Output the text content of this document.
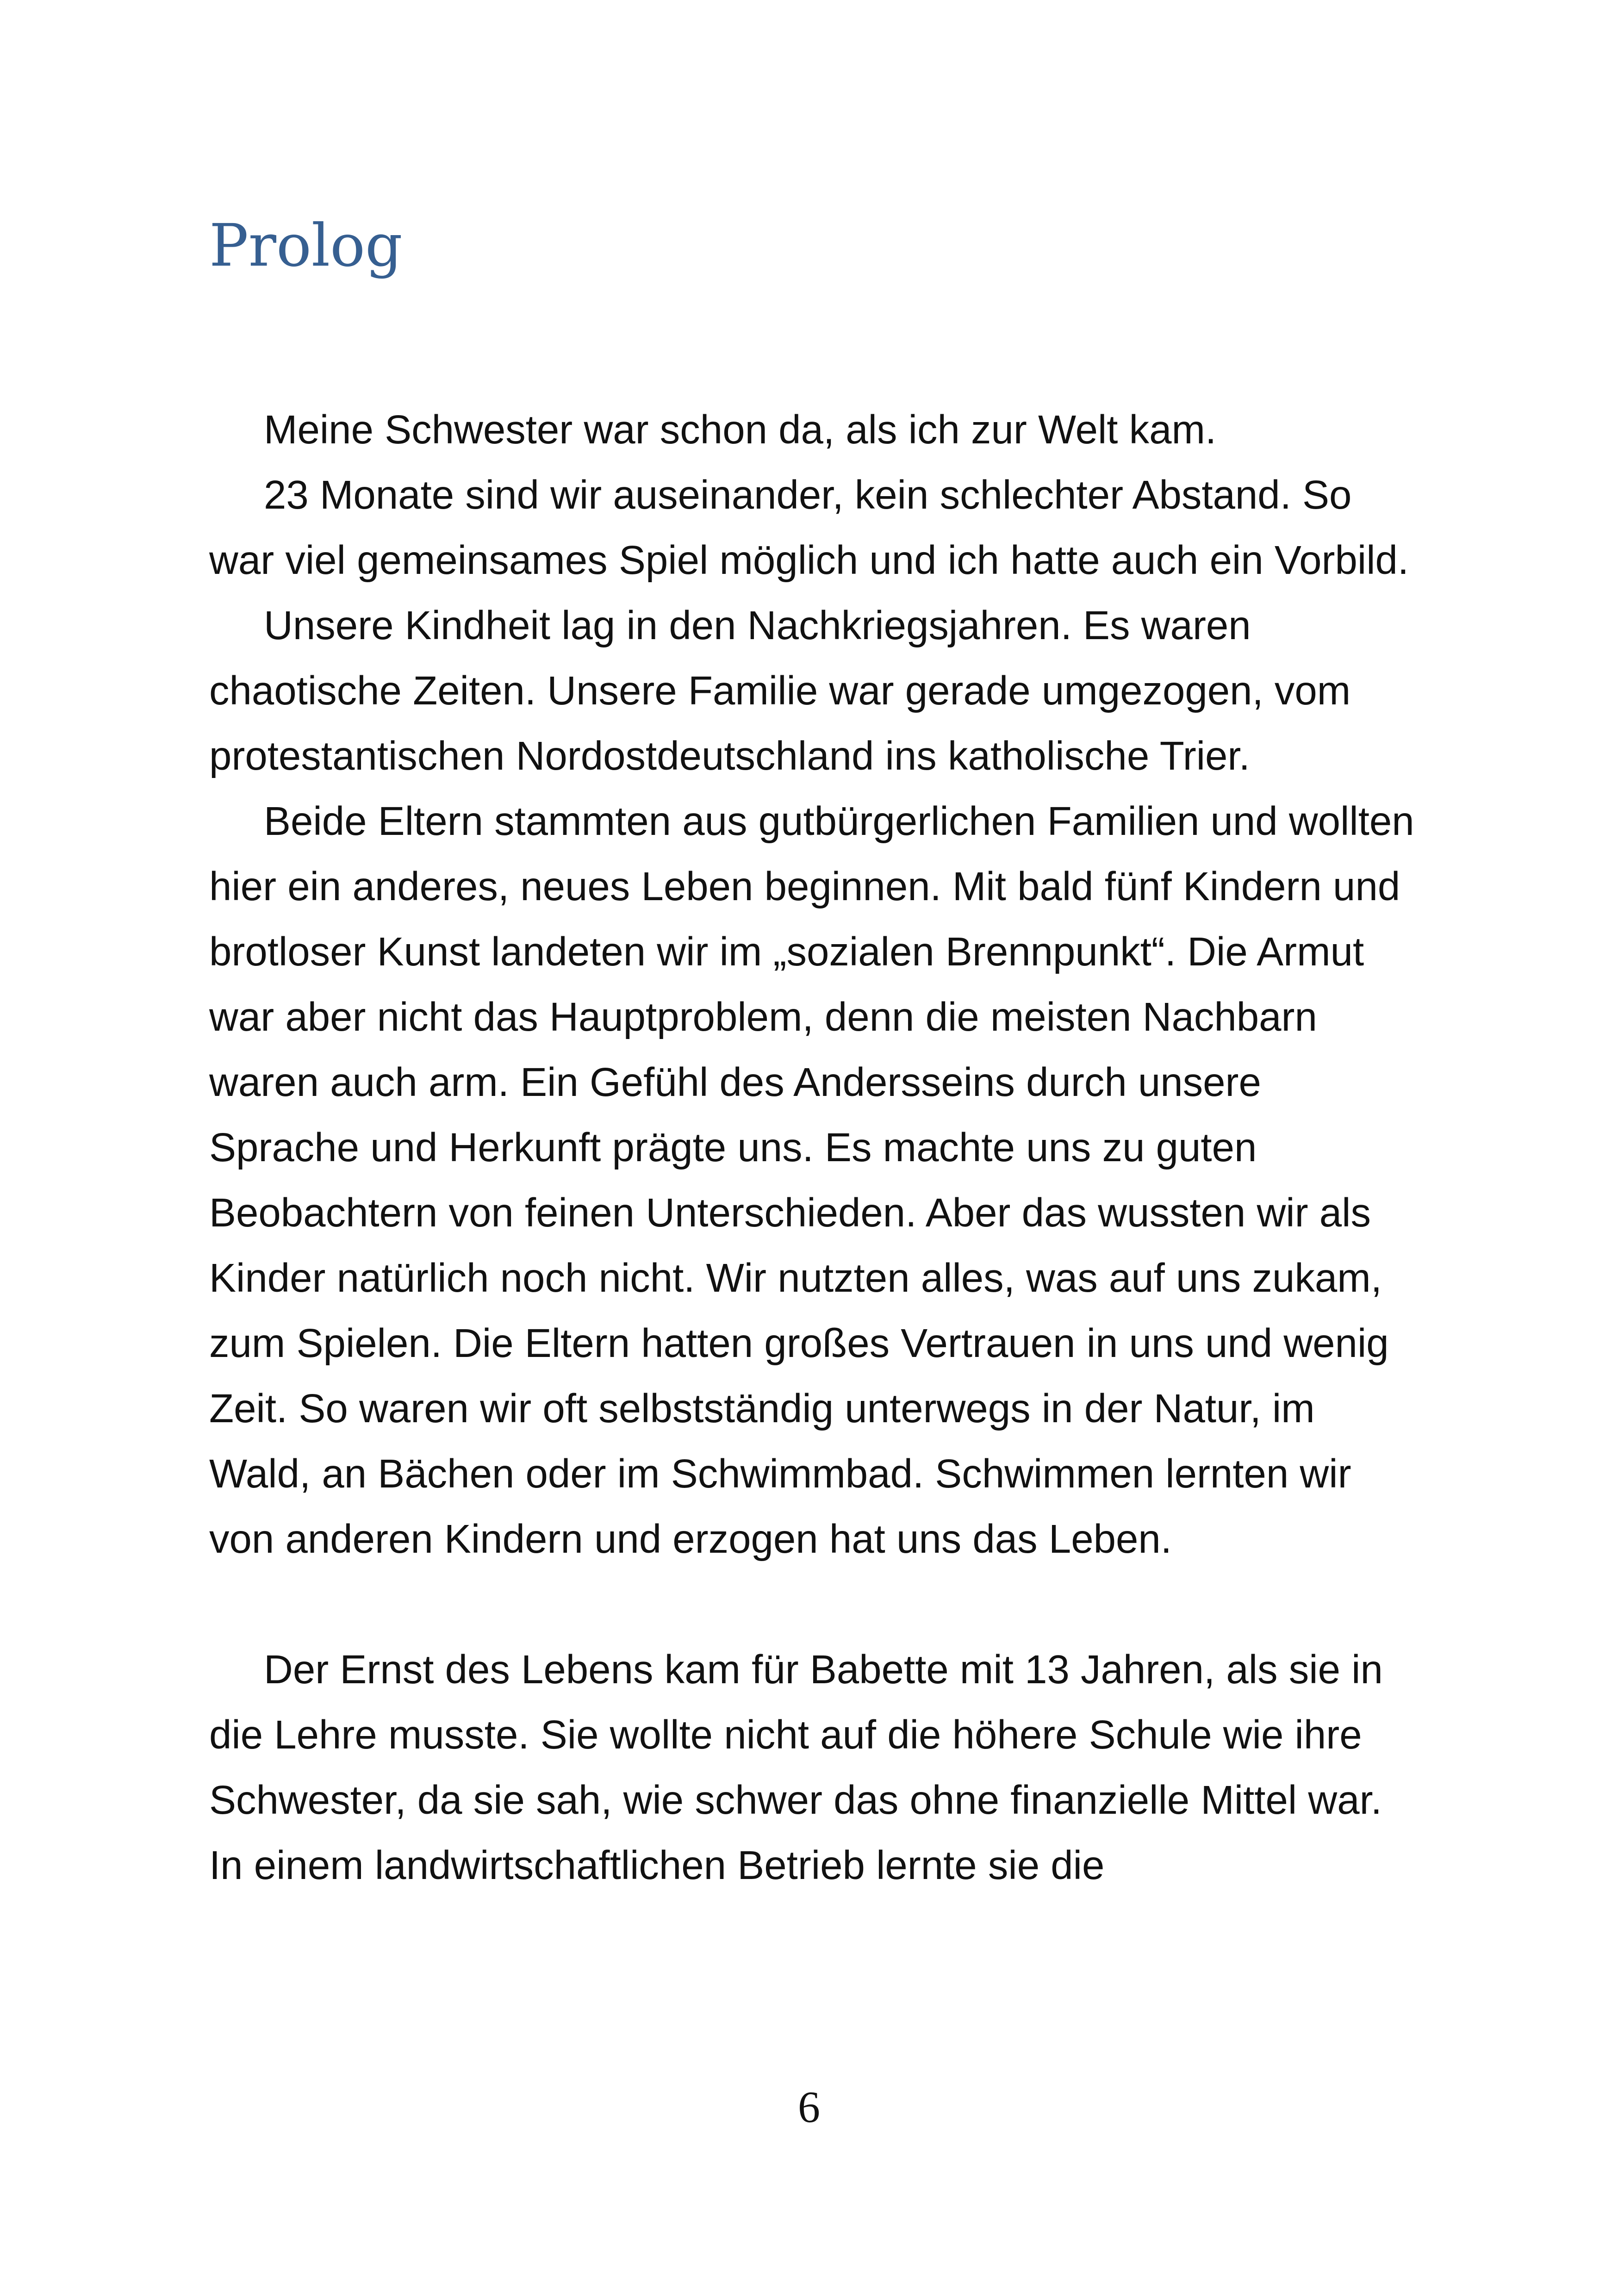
Prolog

Meine Schwester war schon da, als ich zur Welt kam.

23 Monate sind wir auseinander, kein schlechter Abstand. So war viel gemeinsames Spiel möglich und ich hatte auch ein Vorbild.

Unsere Kindheit lag in den Nachkriegsjahren. Es waren chaotische Zeiten. Unsere Familie war gerade umgezogen, vom protestantischen Nordostdeutschland ins katholische Trier.

Beide Eltern stammten aus gutbürgerlichen Familien und wollten hier ein anderes, neues Leben beginnen. Mit bald fünf Kindern und brotloser Kunst landeten wir im „sozialen Brennpunkt“. Die Armut war aber nicht das Hauptproblem, denn die meisten Nachbarn waren auch arm. Ein Gefühl des Andersseins durch unsere Sprache und Herkunft prägte uns. Es machte uns zu guten Beobachtern von feinen Unterschieden. Aber das wussten wir als Kinder natürlich noch nicht. Wir nutzten alles, was auf uns zukam, zum Spielen. Die Eltern hatten großes Vertrauen in uns und wenig Zeit. So waren wir oft selbstständig unterwegs in der Natur, im Wald, an Bächen oder im Schwimmbad. Schwimmen lernten wir von anderen Kindern und erzogen hat uns das Leben.

Der Ernst des Lebens kam für Babette mit 13 Jahren, als sie in die Lehre musste. Sie wollte nicht auf die höhere Schule wie ihre Schwester, da sie sah, wie schwer das ohne finanzielle Mittel war. In einem landwirtschaftlichen Betrieb lernte sie die

6
